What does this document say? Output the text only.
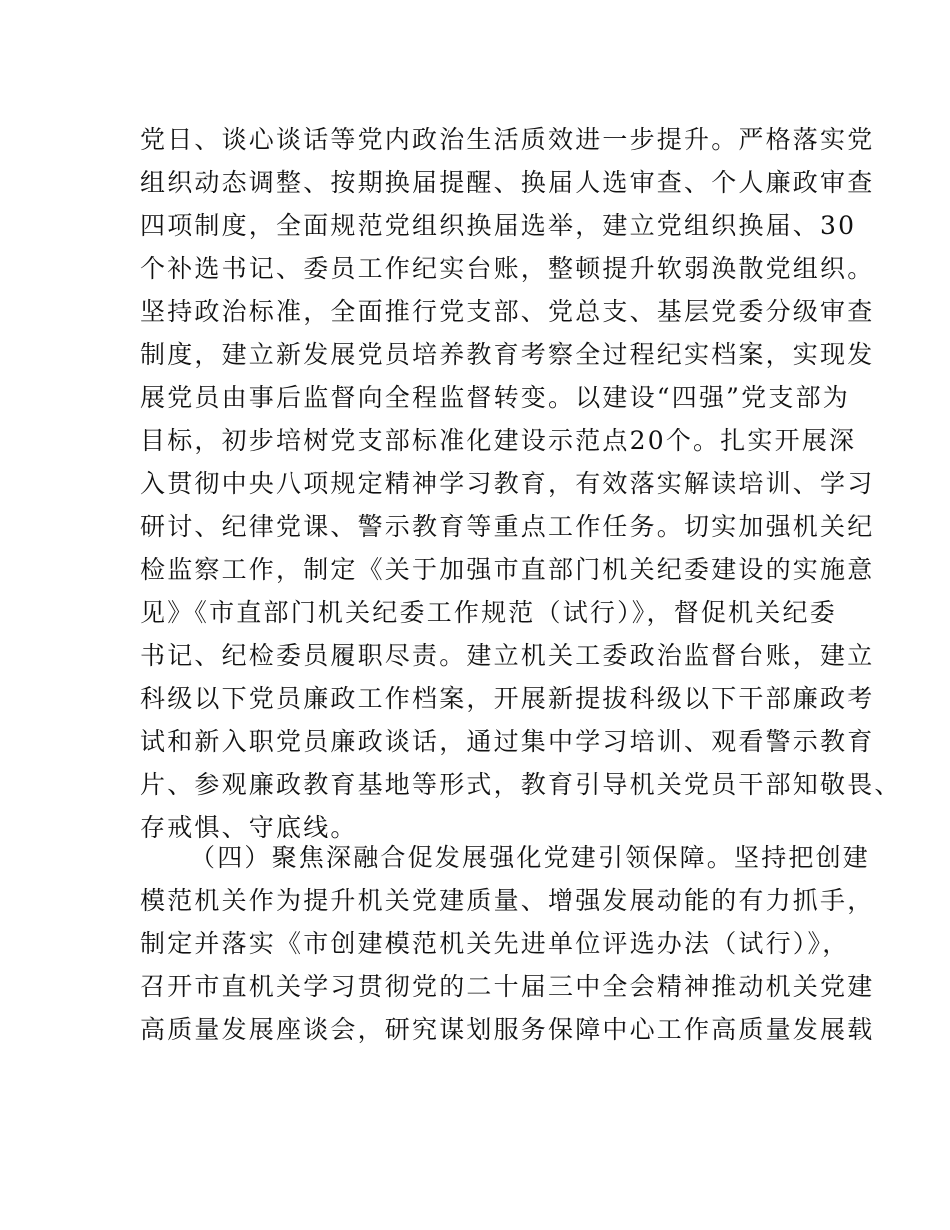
党日、谈心谈话等党内政治生活质效进一步提升。严格落实党
组织动态调整、按期换届提醒、换届人选审查、个人廉政审查
四项制度，全面规范党组织换届选举，建立党组织换届、30
个补选书记、委员工作纪实台账，整顿提升软弱涣散党组织。
坚持政治标准，全面推行党支部、党总支、基层党委分级审查
制度，建立新发展党员培养教育考察全过程纪实档案，实现发
展党员由事后监督向全程监督转变。以建设“四强”党支部为
目标，初步培树党支部标准化建设示范点20个。扎实开展深
入贯彻中央八项规定精神学习教育，有效落实解读培训、学习
研讨、纪律党课、警示教育等重点工作任务。切实加强机关纪
检监察工作，制定《关于加强市直部门机关纪委建设的实施意
见》《市直部门机关纪委工作规范（试行）》，督促机关纪委
书记、纪检委员履职尽责。建立机关工委政治监督台账，建立
科级以下党员廉政工作档案，开展新提拔科级以下干部廉政考
试和新入职党员廉政谈话，通过集中学习培训、观看警示教育
片、参观廉政教育基地等形式，教育引导机关党员干部知敬畏、
存戒惧、守底线。
（四）聚焦深融合促发展强化党建引领保障。坚持把创建
模范机关作为提升机关党建质量、增强发展动能的有力抓手，
制定并落实《市创建模范机关先进单位评选办法（试行）》，
召开市直机关学习贯彻党的二十届三中全会精神推动机关党建
高质量发展座谈会，研究谋划服务保障中心工作高质量发展载
